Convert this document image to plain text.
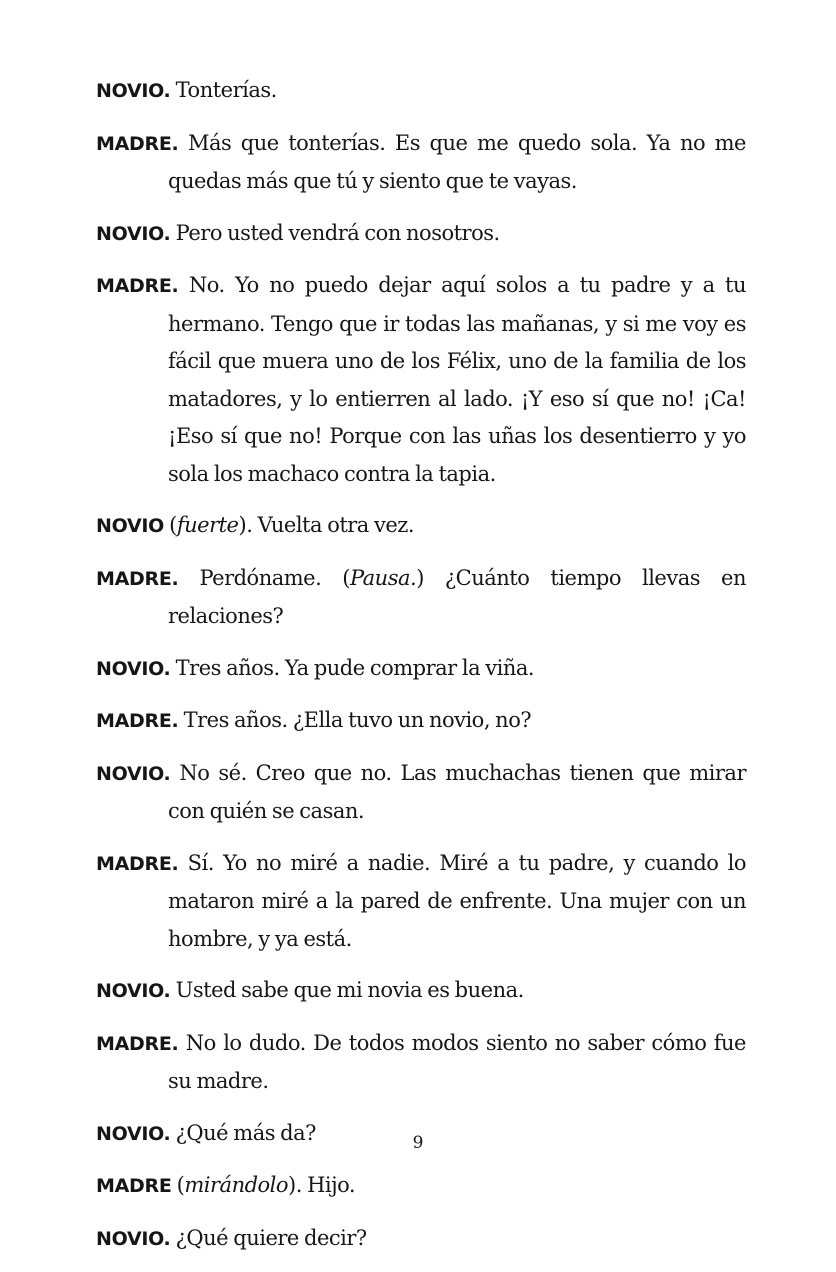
NOVIO. Tonterías.

MADRE. Más que tonterías. Es que me quedo sola. Ya no me quedas más que tú y siento que te vayas.

NOVIO. Pero usted vendrá con nosotros.

MADRE. No. Yo no puedo dejar aquí solos a tu padre y a tu hermano. Tengo que ir todas las mañanas, y si me voy es fácil que muera uno de los Félix, uno de la familia de los matadores, y lo entierren al lado. ¡Y eso sí que no! ¡Ca! ¡Eso sí que no! Porque con las uñas los desentierro y yo sola los machaco contra la tapia.

NOVIO (fuerte). Vuelta otra vez.

MADRE. Perdóname. (Pausa.) ¿Cuánto tiempo llevas en relaciones?

NOVIO. Tres años. Ya pude comprar la viña.

MADRE. Tres años. ¿Ella tuvo un novio, no?

NOVIO. No sé. Creo que no. Las muchachas tienen que mirar con quién se casan.

MADRE. Sí. Yo no miré a nadie. Miré a tu padre, y cuando lo mataron miré a la pared de enfrente. Una mujer con un hombre, y ya está.

NOVIO. Usted sabe que mi novia es buena.

MADRE. No lo dudo. De todos modos siento no saber cómo fue su madre.

NOVIO. ¿Qué más da?

MADRE (mirándolo). Hijo.

NOVIO. ¿Qué quiere decir?

9
